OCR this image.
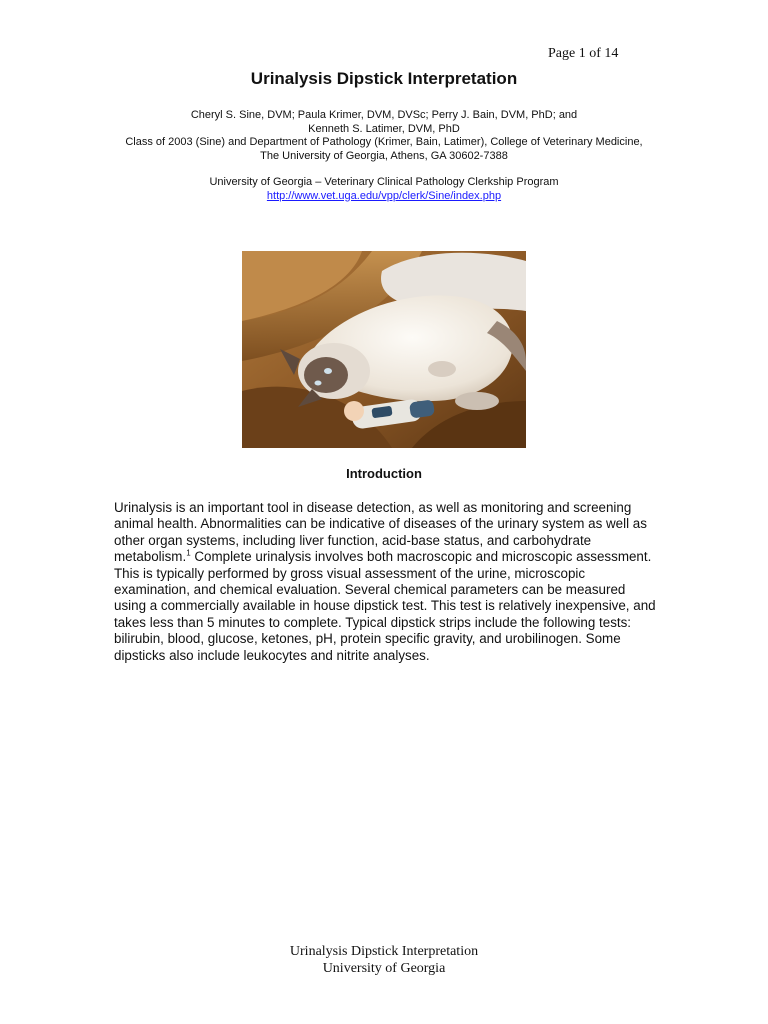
Page 1 of 14
Urinalysis Dipstick Interpretation
Cheryl S. Sine, DVM; Paula Krimer, DVM, DVSc; Perry J. Bain, DVM, PhD; and
Kenneth S. Latimer, DVM, PhD
Class of 2003 (Sine) and Department of Pathology (Krimer, Bain, Latimer), College of Veterinary Medicine,
The University of Georgia, Athens, GA 30602-7388
University of Georgia – Veterinary Clinical Pathology Clerkship Program
http://www.vet.uga.edu/vpp/clerk/Sine/index.php
Introduction

Urinalysis is an important tool in disease detection, as well as monitoring and screening animal health. Abnormalities can be indicative of diseases of the urinary system as well as other organ systems, including liver function, acid-base status, and carbohydrate metabolism.$^1$ Complete urinalysis involves both macroscopic and microscopic assessment. This is typically performed by gross visual assessment of the urine, microscopic examination, and chemical evaluation. Several chemical parameters can be measured using a commercially available in house dipstick test. This test is relatively inexpensive, and takes less than 5 minutes to complete. Typical dipstick strips include the following tests: bilirubin, blood, glucose, ketones, pH, protein specific gravity, and urobilinogen. Some dipsticks also include leukocytes and nitrite analyses.

Urinalysis Dipstick Interpretation
University of Georgia
